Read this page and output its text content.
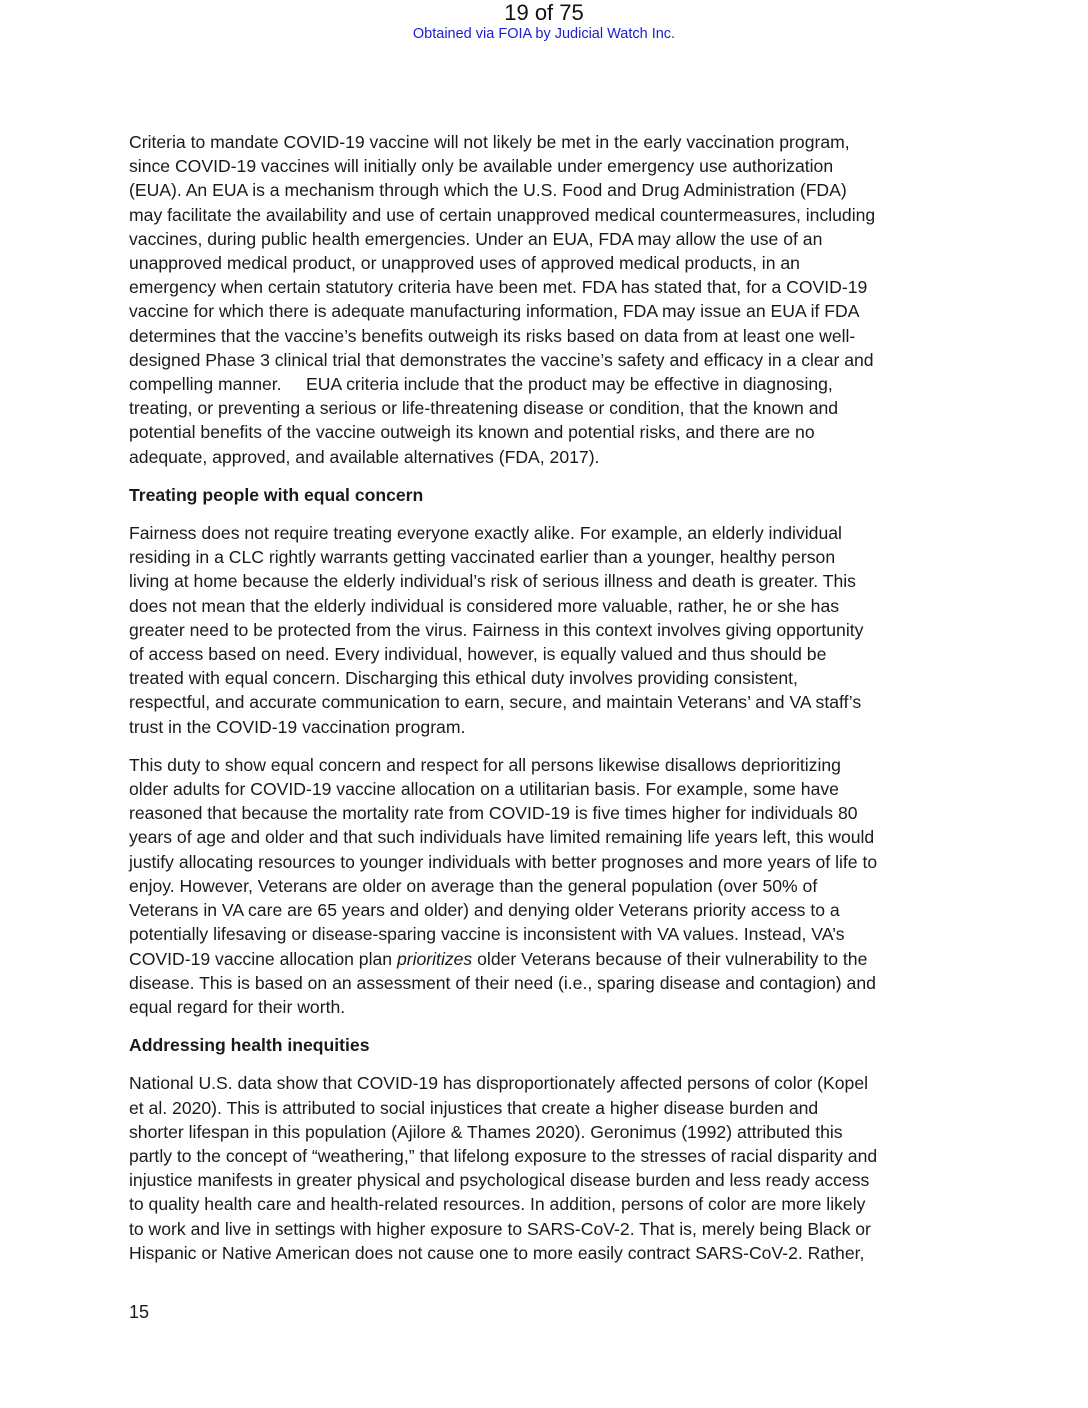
19 of 75
Obtained via FOIA by Judicial Watch Inc.

Criteria to mandate COVID-19 vaccine will not likely be met in the early vaccination program,
since COVID-19 vaccines will initially only be available under emergency use authorization
(EUA). An EUA is a mechanism through which the U.S. Food and Drug Administration (FDA)
may facilitate the availability and use of certain unapproved medical countermeasures, including
vaccines, during public health emergencies. Under an EUA, FDA may allow the use of an
unapproved medical product, or unapproved uses of approved medical products, in an
emergency when certain statutory criteria have been met. FDA has stated that, for a COVID-19
vaccine for which there is adequate manufacturing information, FDA may issue an EUA if FDA
determines that the vaccine’s benefits outweigh its risks based on data from at least one well-
designed Phase 3 clinical trial that demonstrates the vaccine’s safety and efficacy in a clear and
compelling manner.     EUA criteria include that the product may be effective in diagnosing,
treating, or preventing a serious or life-threatening disease or condition, that the known and
potential benefits of the vaccine outweigh its known and potential risks, and there are no
adequate, approved, and available alternatives (FDA, 2017).

Treating people with equal concern

Fairness does not require treating everyone exactly alike. For example, an elderly individual
residing in a CLC rightly warrants getting vaccinated earlier than a younger, healthy person
living at home because the elderly individual’s risk of serious illness and death is greater. This
does not mean that the elderly individual is considered more valuable, rather, he or she has
greater need to be protected from the virus. Fairness in this context involves giving opportunity
of access based on need. Every individual, however, is equally valued and thus should be
treated with equal concern. Discharging this ethical duty involves providing consistent,
respectful, and accurate communication to earn, secure, and maintain Veterans’ and VA staff’s
trust in the COVID-19 vaccination program.

This duty to show equal concern and respect for all persons likewise disallows deprioritizing
older adults for COVID-19 vaccine allocation on a utilitarian basis. For example, some have
reasoned that because the mortality rate from COVID-19 is five times higher for individuals 80
years of age and older and that such individuals have limited remaining life years left, this would
justify allocating resources to younger individuals with better prognoses and more years of life to
enjoy. However, Veterans are older on average than the general population (over 50% of
Veterans in VA care are 65 years and older) and denying older Veterans priority access to a
potentially lifesaving or disease-sparing vaccine is inconsistent with VA values. Instead, VA’s
COVID-19 vaccine allocation plan prioritizes older Veterans because of their vulnerability to the
disease. This is based on an assessment of their need (i.e., sparing disease and contagion) and
equal regard for their worth.

Addressing health inequities

National U.S. data show that COVID-19 has disproportionately affected persons of color (Kopel
et al. 2020). This is attributed to social injustices that create a higher disease burden and
shorter lifespan in this population (Ajilore & Thames 2020). Geronimus (1992) attributed this
partly to the concept of “weathering,” that lifelong exposure to the stresses of racial disparity and
injustice manifests in greater physical and psychological disease burden and less ready access
to quality health care and health-related resources. In addition, persons of color are more likely
to work and live in settings with higher exposure to SARS-CoV-2. That is, merely being Black or
Hispanic or Native American does not cause one to more easily contract SARS-CoV-2. Rather,

15
